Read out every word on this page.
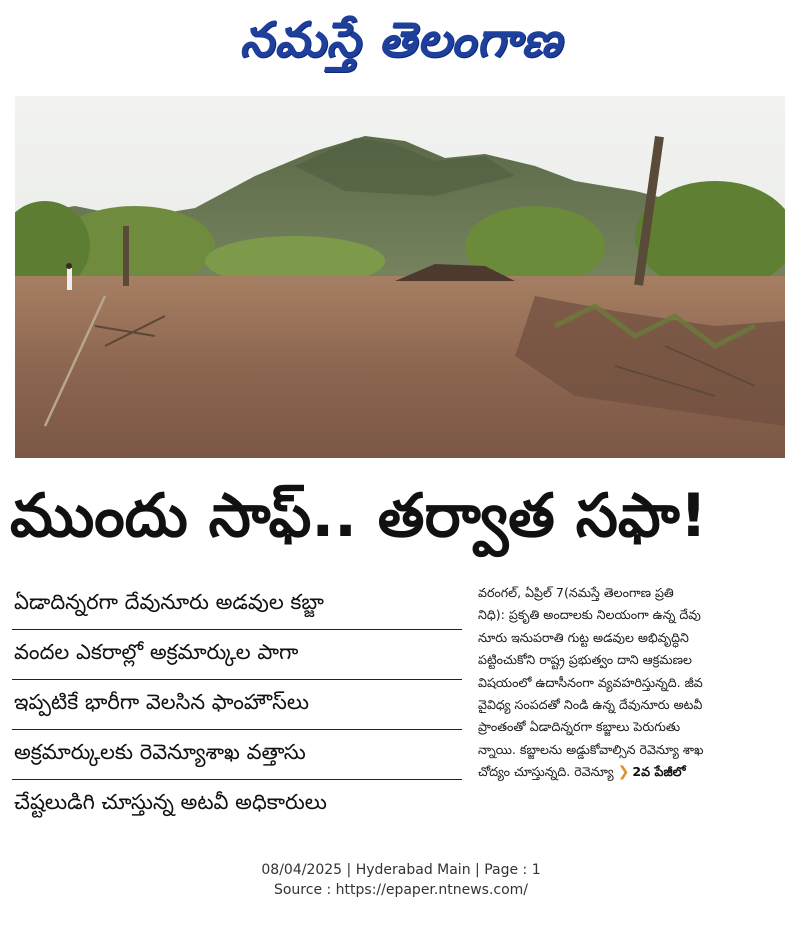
నమస్తే తెలంగాణ
ముందు సాఫ్.. తర్వాత సఫా!
ఏడాదిన్నరగా దేవునూరు అడవుల కబ్జా
వందల ఎకరాల్లో అక్రమార్కుల పాగా
ఇప్పటికే భారీగా వెలసిన ఫాంహౌస్‌లు
అక్రమార్కులకు రెవెన్యూశాఖ వత్తాసు
చేష్టలుడిగి చూస్తున్న అటవీ అధికారులు
వరంగల్‌, ఏప్రిల్‌ 7(నమస్తే తెలంగాణ ప్రతి
నిధి): ప్రకృతి అందాలకు నిలయంగా ఉన్న దేవు
నూరు ఇనుపరాతి గుట్ట అడవుల అభివృద్ధిని
పట్టించుకోని రాష్ట్ర ప్రభుత్వం దాని ఆక్రమణల
విషయంలో ఉదాసీనంగా వ్యవహరిస్తున్నది. జీవ
వైవిధ్య సంపదతో నిండి ఉన్న దేవునూరు అటవీ
ప్రాంతంతో ఏడాదిన్నరగా కబ్జాలు పెరుగుతు
న్నాయి. కబ్జాలను అడ్డుకోవాల్సిన రెవెన్యూ శాఖ
చోద్యం చూస్తున్నది. రెవెన్యూ ❯ 2వ పేజీలో
08/04/2025 | Hyderabad Main | Page : 1
Source : https://epaper.ntnews.com/
